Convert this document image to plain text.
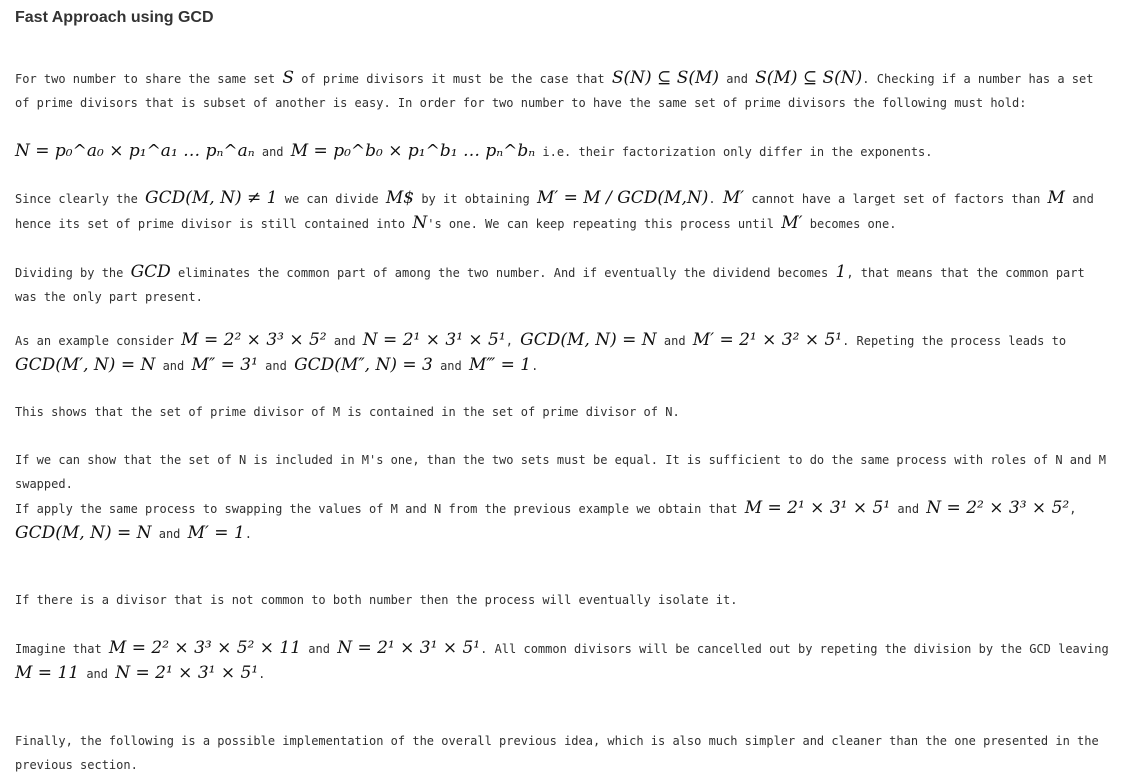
Fast Approach using GCD

For two number to share the same set S of prime divisors it must be the case that S(N) ⊆ S(M) and S(M) ⊆ S(N). Checking if a number has a set of prime divisors that is subset of another is easy. In order for two number to have the same set of prime divisors the following must hold:

N = p₀^a₀ × p₁^a₁ … pₙ^aₙ and M = p₀^b₀ × p₁^b₁ … pₙ^bₙ i.e. their factorization only differ in the exponents.

Since clearly the GCD(M, N) ≠ 1 we can divide M$ by it obtaining M′ = M / GCD(M,N). M′ cannot have a larget set of factors than M and hence its set of prime divisor is still contained into N's one. We can keep repeating this process until M′ becomes one.

Dividing by the GCD eliminates the common part of among the two number. And if eventually the dividend becomes 1, that means that the common part was the only part present.

As an example consider M = 2² × 3³ × 5² and N = 2¹ × 3¹ × 5¹, GCD(M, N) = N and M′ = 2¹ × 3² × 5¹. Repeting the process leads to GCD(M′, N) = N and M″ = 3¹ and GCD(M″, N) = 3 and M‴ = 1.

This shows that the set of prime divisor of M is contained in the set of prime divisor of N.

If we can show that the set of N is included in M's one, than the two sets must be equal. It is sufficient to do the same process with roles of N and M swapped.

If apply the same process to swapping the values of M and N from the previous example we obtain that M = 2¹ × 3¹ × 5¹ and N = 2² × 3³ × 5², GCD(M, N) = N and M′ = 1.

If there is a divisor that is not common to both number then the process will eventually isolate it.

Imagine that M = 2² × 3³ × 5² × 11 and N = 2¹ × 3¹ × 5¹. All common divisors will be cancelled out by repeting the division by the GCD leaving M = 11 and N = 2¹ × 3¹ × 5¹.

Finally, the following is a possible implementation of the overall previous idea, which is also much simpler and cleaner than the one presented in the previous section.
